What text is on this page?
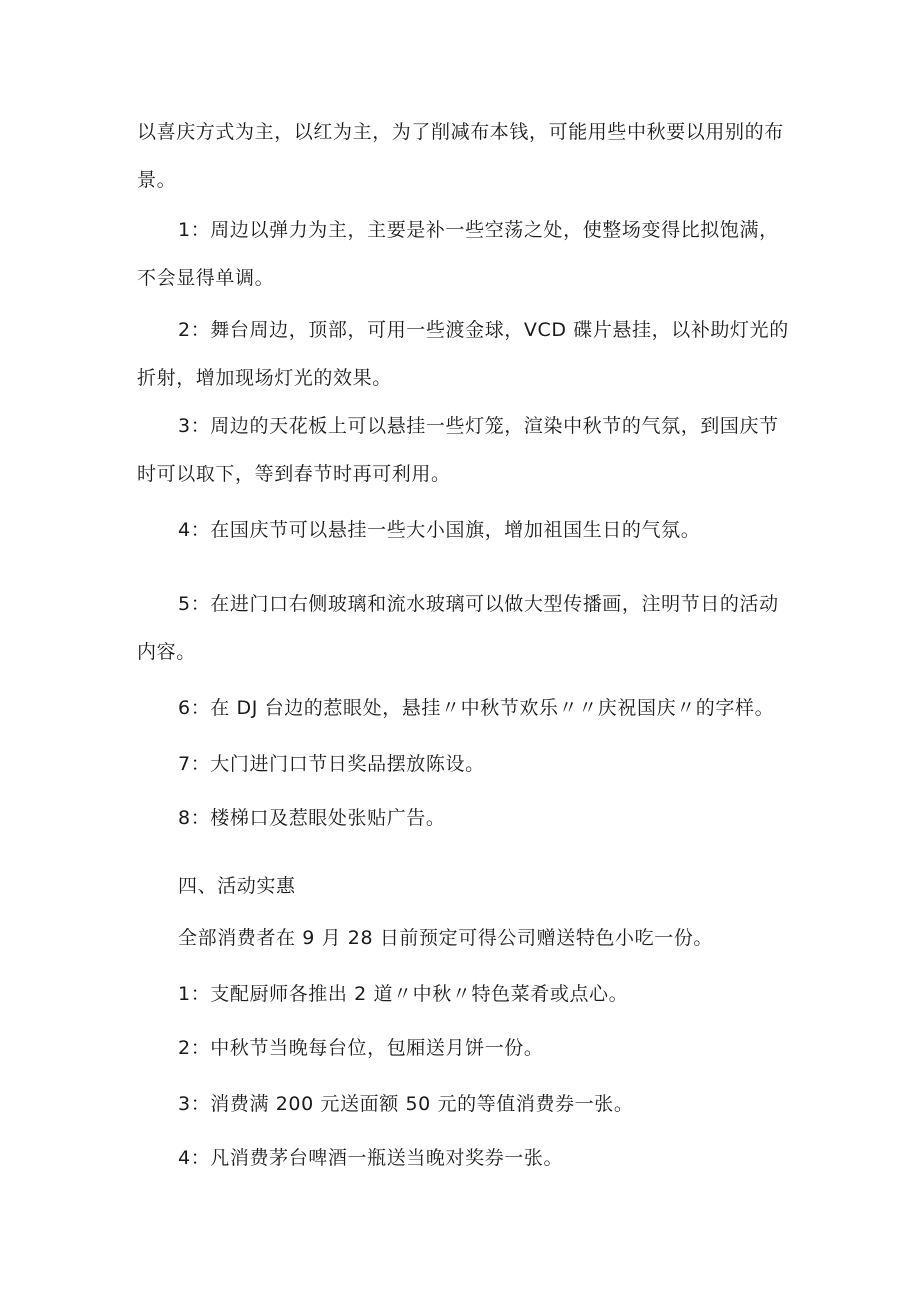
以喜庆方式为主，以红为主，为了削减布本钱，可能用些中秋要以用别的布景。

1：周边以弹力为主，主要是补一些空荡之处，使整场变得比拟饱满，不会显得单调。

2：舞台周边，顶部，可用一些渡金球，VCD 碟片悬挂，以补助灯光的折射，增加现场灯光的效果。

3：周边的天花板上可以悬挂一些灯笼，渲染中秋节的气氛，到国庆节时可以取下，等到春节时再可利用。

4：在国庆节可以悬挂一些大小国旗，增加祖国生日的气氛。

5：在进门口右侧玻璃和流水玻璃可以做大型传播画，注明节日的活动内容。

6：在 DJ 台边的惹眼处，悬挂〃中秋节欢乐〃〃庆祝国庆〃的字样。

7：大门进门口节日奖品摆放陈设。

8：楼梯口及惹眼处张贴广告。

四、活动实惠

全部消费者在 9 月 28 日前预定可得公司赠送特色小吃一份。

1：支配厨师各推出 2 道〃中秋〃特色菜肴或点心。

2：中秋节当晚每台位，包厢送月饼一份。

3：消费满 200 元送面额 50 元的等值消费券一张。

4：凡消费茅台啤酒一瓶送当晚对奖券一张。
